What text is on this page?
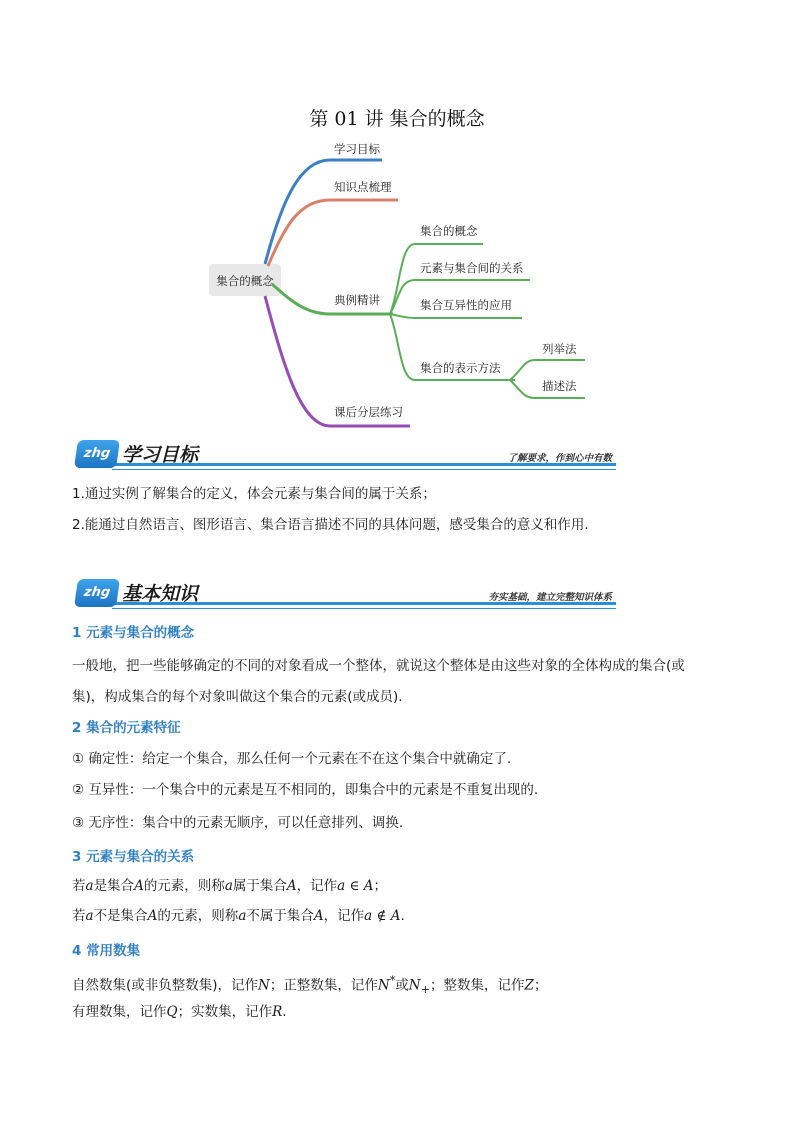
第 01 讲 集合的概念
集合的概念
学习目标
知识点梳理
典例精讲
集合的概念
元素与集合间的关系
集合互异性的应用
集合的表示方法
列举法
描述法
课后分层练习
zhg 学习目标	了解要求，作到心中有数
1.通过实例了解集合的定义，体会元素与集合间的属于关系；
2.能通过自然语言、图形语言、集合语言描述不同的具体问题，感受集合的意义和作用.
zhg 基本知识	夯实基础，建立完整知识体系
1 元素与集合的概念
一般地，把一些能够确定的不同的对象看成一个整体，就说这个整体是由这些对象的全体构成的集合(或集)，构成集合的每个对象叫做这个集合的元素(或成员).
2 集合的元素特征
① 确定性：给定一个集合，那么任何一个元素在不在这个集合中就确定了.
② 互异性：一个集合中的元素是互不相同的，即集合中的元素是不重复出现的.
③ 无序性：集合中的元素无顺序，可以任意排列、调换.
3 元素与集合的关系
若a是集合A的元素，则称a属于集合A，记作a ∈ A；
若a不是集合A的元素，则称a不属于集合A，记作a ∉ A.
4 常用数集
自然数集(或非负整数集)，记作N；正整数集，记作N*或$N_+$；整数集，记作Z；
有理数集，记作Q；实数集，记作R.
